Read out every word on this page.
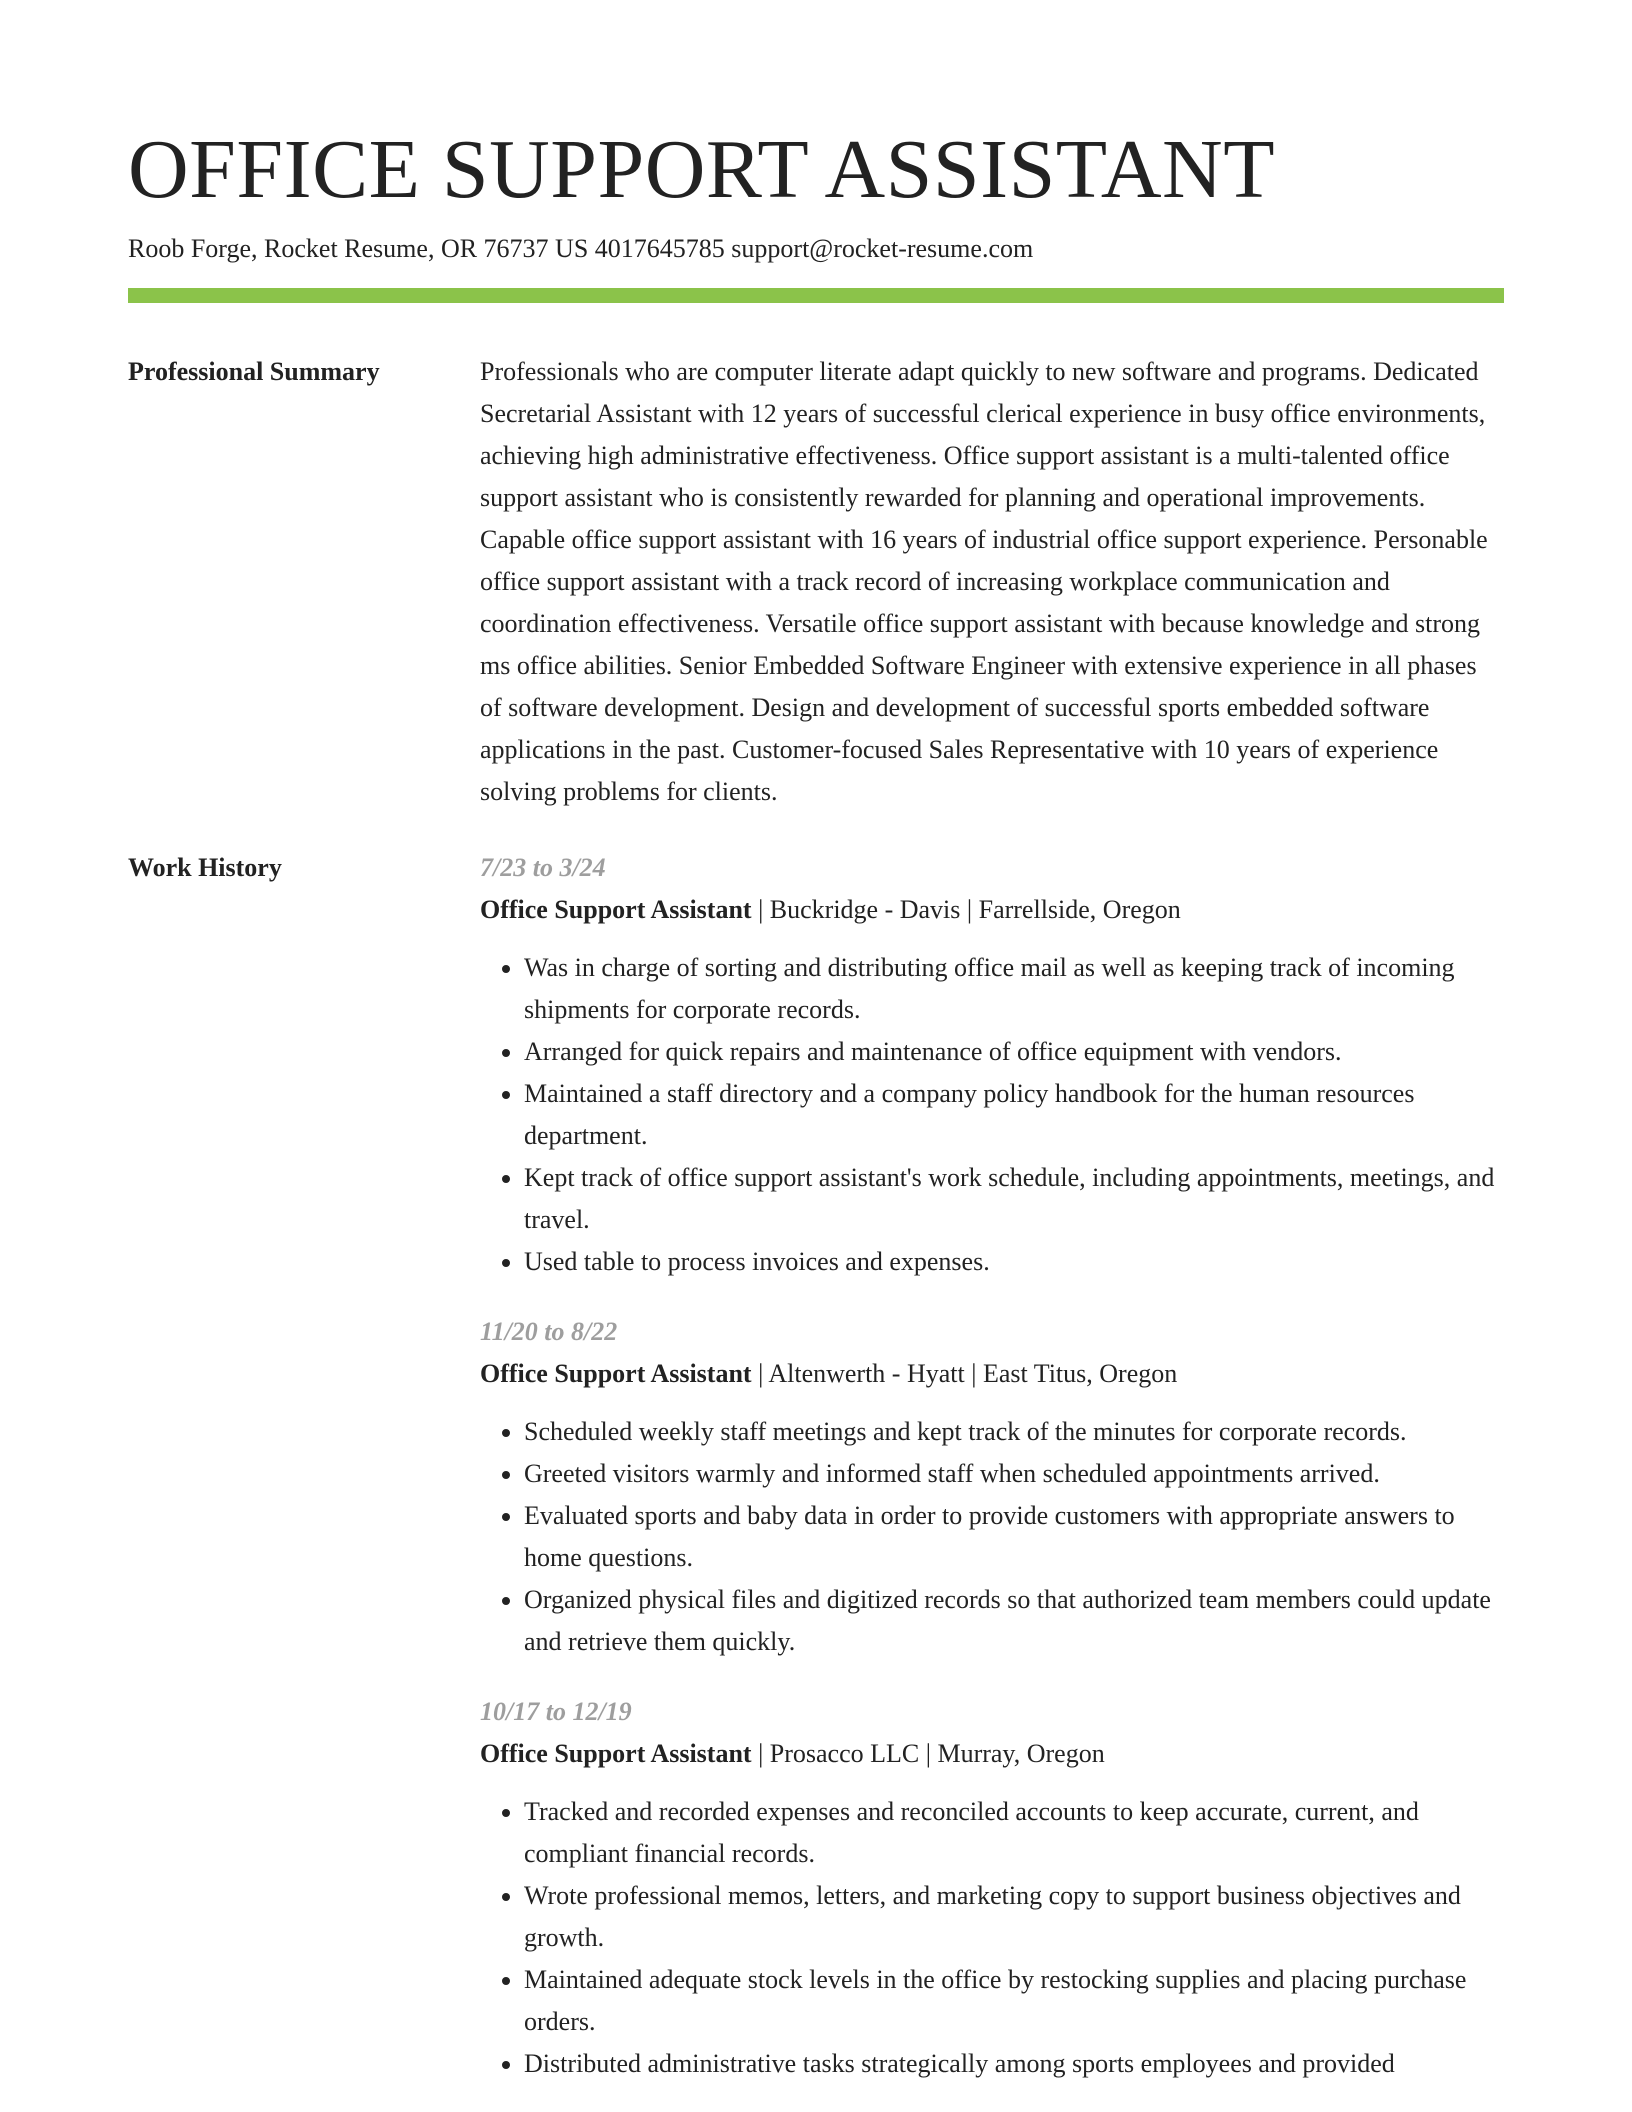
OFFICE SUPPORT ASSISTANT
Roob Forge, Rocket Resume, OR 76737 US 4017645785 support@rocket-resume.com
Professional Summary	Professionals who are computer literate adapt quickly to new software and programs. Dedicated Secretarial Assistant with 12 years of successful clerical experience in busy office environments, achieving high administrative effectiveness. Office support assistant is a multi-talented office support assistant who is consistently rewarded for planning and operational improvements. Capable office support assistant with 16 years of industrial office support experience. Personable office support assistant with a track record of increasing workplace communication and coordination effectiveness. Versatile office support assistant with because knowledge and strong ms office abilities. Senior Embedded Software Engineer with extensive experience in all phases of software development. Design and development of successful sports embedded software applications in the past. Customer-focused Sales Representative with 10 years of experience solving problems for clients.

Work History	7/23 to 3/24
Office Support Assistant | Buckridge - Davis | Farrellside, Oregon
• Was in charge of sorting and distributing office mail as well as keeping track of incoming shipments for corporate records.
• Arranged for quick repairs and maintenance of office equipment with vendors.
• Maintained a staff directory and a company policy handbook for the human resources department.
• Kept track of office support assistant's work schedule, including appointments, meetings, and travel.
• Used table to process invoices and expenses.
11/20 to 8/22
Office Support Assistant | Altenwerth - Hyatt | East Titus, Oregon
• Scheduled weekly staff meetings and kept track of the minutes for corporate records.
• Greeted visitors warmly and informed staff when scheduled appointments arrived.
• Evaluated sports and baby data in order to provide customers with appropriate answers to home questions.
• Organized physical files and digitized records so that authorized team members could update and retrieve them quickly.
10/17 to 12/19
Office Support Assistant | Prosacco LLC | Murray, Oregon
• Tracked and recorded expenses and reconciled accounts to keep accurate, current, and compliant financial records.
• Wrote professional memos, letters, and marketing copy to support business objectives and growth.
• Maintained adequate stock levels in the office by restocking supplies and placing purchase orders.
• Distributed administrative tasks strategically among sports employees and provided
